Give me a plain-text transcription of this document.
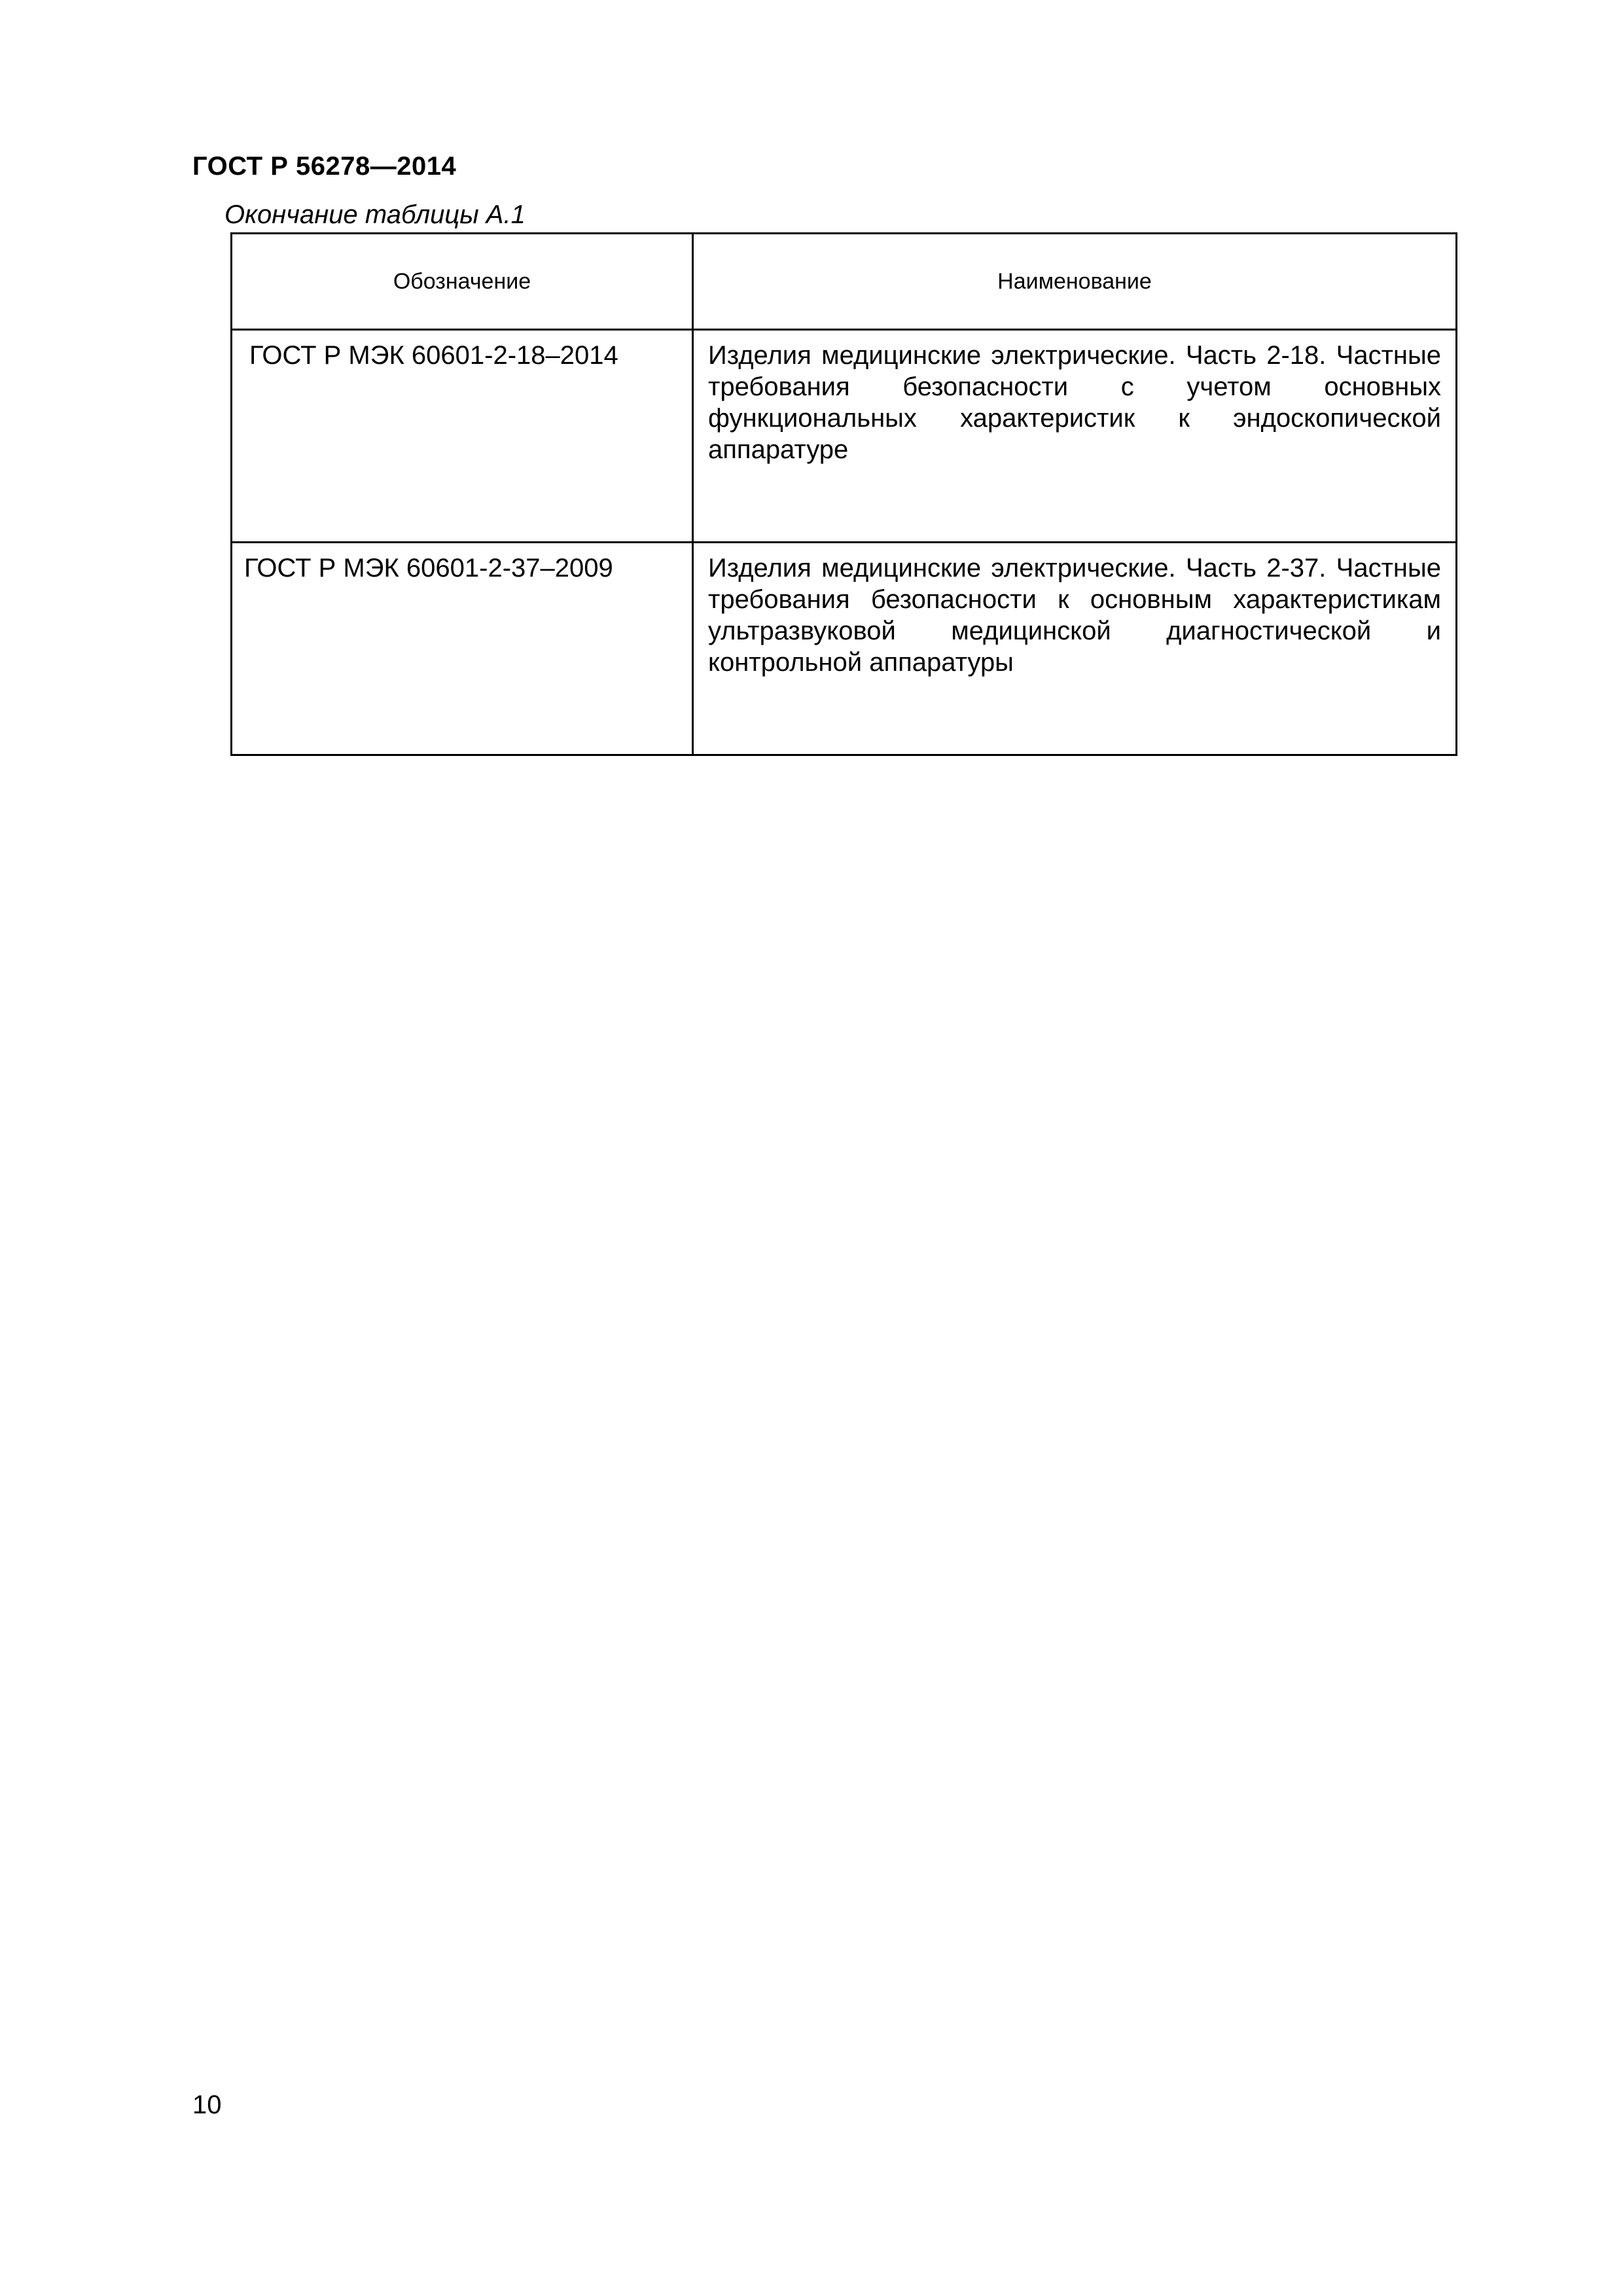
ГОСТ Р 56278—2014
Окончание таблицы А.1
Обозначение	Наименование
ГОСТ Р МЭК 60601-2-18–2014	Изделия медицинские электрические. Часть 2-18. Частные требования безопасности с учетом основных функциональных характеристик к эндоскопической аппаратуре
ГОСТ Р МЭК 60601-2-37–2009	Изделия медицинские электрические. Часть 2-37. Частные требования безопасности к основным характеристикам ультразвуковой медицинской диагностической и контрольной аппаратуры
10
